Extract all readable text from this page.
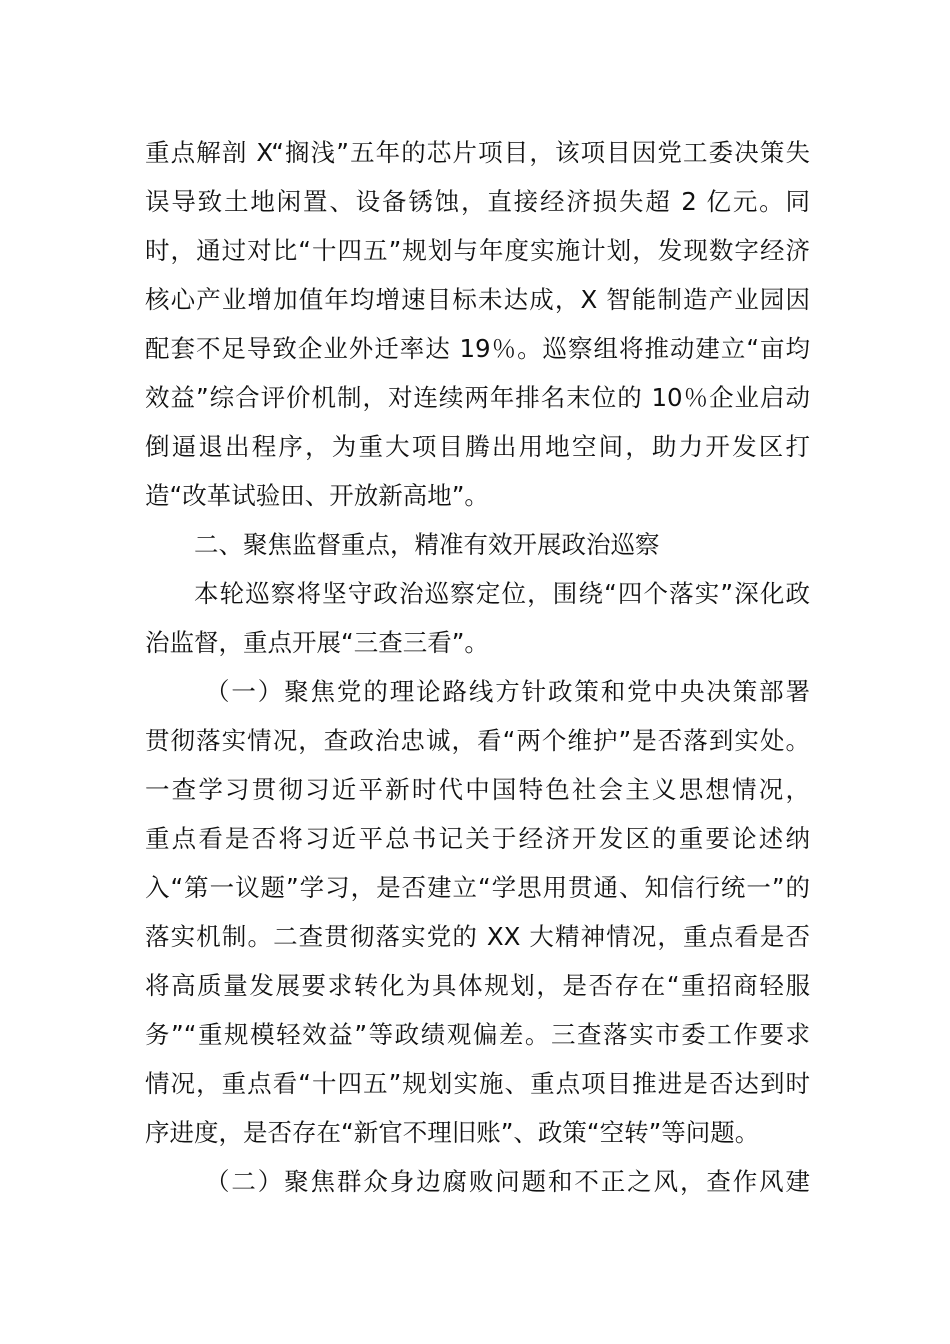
重点解剖 X“搁浅”五年的芯片项目，该项目因党工委决策失
误导致土地闲置、设备锈蚀，直接经济损失超 2 亿元。同
时，通过对比“十四五”规划与年度实施计划，发现数字经济
核心产业增加值年均增速目标未达成，X 智能制造产业园因
配套不足导致企业外迁率达 19％。巡察组将推动建立“亩均
效益”综合评价机制，对连续两年排名末位的 10％企业启动
倒逼退出程序，为重大项目腾出用地空间，助力开发区打
造“改革试验田、开放新高地”。
二、聚焦监督重点，精准有效开展政治巡察
本轮巡察将坚守政治巡察定位，围绕“四个落实”深化政
治监督，重点开展“三查三看”。
（一）聚焦党的理论路线方针政策和党中央决策部署
贯彻落实情况，查政治忠诚，看“两个维护”是否落到实处。
一查学习贯彻习近平新时代中国特色社会主义思想情况，
重点看是否将习近平总书记关于经济开发区的重要论述纳
入“第一议题”学习，是否建立“学思用贯通、知信行统一”的
落实机制。二查贯彻落实党的 XX 大精神情况，重点看是否
将高质量发展要求转化为具体规划，是否存在“重招商轻服
务”“重规模轻效益”等政绩观偏差。三查落实市委工作要求
情况，重点看“十四五”规划实施、重点项目推进是否达到时
序进度，是否存在“新官不理旧账”、政策“空转”等问题。
（二）聚焦群众身边腐败问题和不正之风，查作风建
